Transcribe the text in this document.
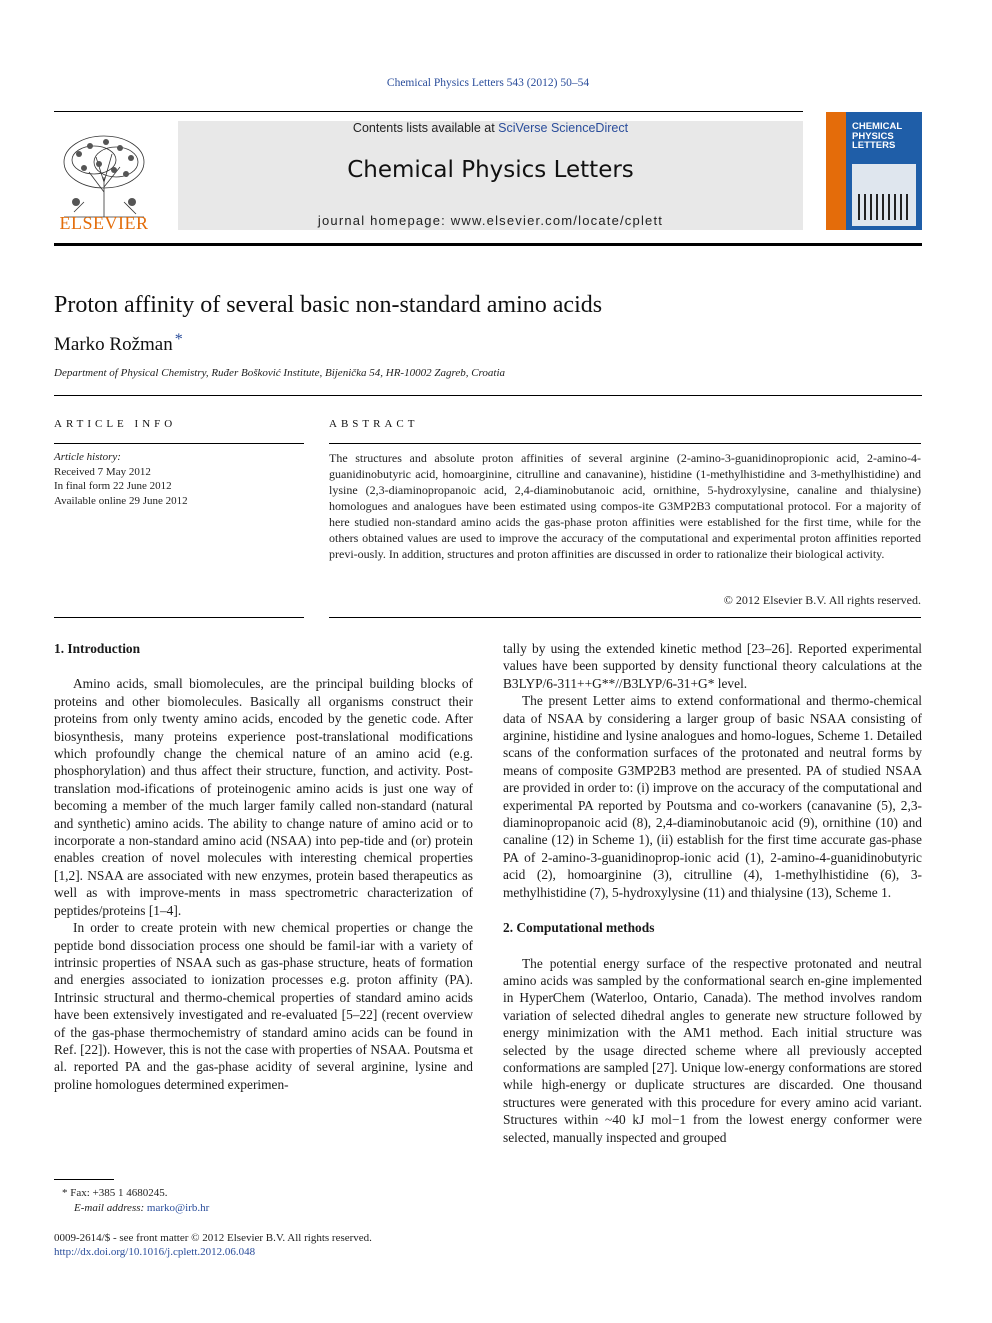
Chemical Physics Letters 543 (2012) 50–54
ELSEVIER
Contents lists available at SciVerse ScienceDirect
Chemical Physics Letters
journal homepage: www.elsevier.com/locate/cplett
CHEMICAL
PHYSICS
LETTERS
Proton affinity of several basic non-standard amino acids
Marko Rožman *
Department of Physical Chemistry, Ruđer Bošković Institute, Bijenička 54, HR-10002 Zagreb, Croatia
ARTICLE INFO
Article history:
Received 7 May 2012
In final form 22 June 2012
Available online 29 June 2012
ABSTRACT
The structures and absolute proton affinities of several arginine (2-amino-3-guanidinopropionic acid, 2-amino-4-guanidinobutyric acid, homoarginine, citrulline and canavanine), histidine (1-methylhistidine and 3-methylhistidine) and lysine (2,3-diaminopropanoic acid, 2,4-diaminobutanoic acid, ornithine, 5-hydroxylysine, canaline and thialysine) homologues and analogues have been estimated using compos-ite G3MP2B3 computational protocol. For a majority of here studied non-standard amino acids the gas-phase proton affinities were established for the first time, while for the others obtained values are used to improve the accuracy of the computational and experimental proton affinities reported previ-ously. In addition, structures and proton affinities are discussed in order to rationalize their biological activity.
© 2012 Elsevier B.V. All rights reserved.

1. Introduction

Amino acids, small biomolecules, are the principal building blocks of proteins and other biomolecules. Basically all organisms construct their proteins from only twenty amino acids, encoded by the genetic code. After biosynthesis, many proteins experience post-translational modifications which profoundly change the chemical nature of an amino acid (e.g. phosphorylation) and thus affect their structure, function, and activity. Post-translation mod-ifications of proteinogenic amino acids is just one way of becoming a member of the much larger family called non-standard (natural and synthetic) amino acids. The ability to change nature of amino acid or to incorporate a non-standard amino acid (NSAA) into pep-tide and (or) protein enables creation of novel molecules with interesting chemical properties [1,2]. NSAA are associated with new enzymes, protein based therapeutics as well as with improve-ments in mass spectrometric characterization of peptides/proteins [1–4].

In order to create protein with new chemical properties or change the peptide bond dissociation process one should be famil-iar with a variety of intrinsic properties of NSAA such as gas-phase structure, heats of formation and energies associated to ionization processes e.g. proton affinity (PA). Intrinsic structural and thermo-chemical properties of standard amino acids have been extensively investigated and re-evaluated [5–22] (recent overview of the gas-phase thermochemistry of standard amino acids can be found in Ref. [22]). However, this is not the case with properties of NSAA. Poutsma et al. reported PA and the gas-phase acidity of several arginine, lysine and proline homologues determined experimen-

tally by using the extended kinetic method [23–26]. Reported experimental values have been supported by density functional theory calculations at the B3LYP/6-311++G**//B3LYP/6-31+G* level.

The present Letter aims to extend conformational and thermo-chemical data of NSAA by considering a larger group of basic NSAA consisting of arginine, histidine and lysine analogues and homo-logues, Scheme 1. Detailed scans of the conformation surfaces of the protonated and neutral forms by means of composite G3MP2B3 method are presented. PA of studied NSAA are provided in order to: (i) improve on the accuracy of the computational and experimental PA reported by Poutsma and co-workers (canavanine (5), 2,3-diaminopropanoic acid (8), 2,4-diaminobutanoic acid (9), ornithine (10) and canaline (12) in Scheme 1), (ii) establish for the first time accurate gas-phase PA of 2-amino-3-guanidinoprop-ionic acid (1), 2-amino-4-guanidinobutyric acid (2), homoarginine (3), citrulline (4), 1-methylhistidine (6), 3-methylhistidine (7), 5-hydroxylysine (11) and thialysine (13), Scheme 1.

2. Computational methods

The potential energy surface of the respective protonated and neutral amino acids was sampled by the conformational search en-gine implemented in HyperChem (Waterloo, Ontario, Canada). The method involves random variation of selected dihedral angles to generate new structure followed by energy minimization with the AM1 method. Each initial structure was selected by the usage directed scheme where all previously accepted conformations are sampled [27]. Unique low-energy conformations are stored while high-energy or duplicate structures are discarded. One thousand structures were generated with this procedure for every amino acid variant. Structures within ~40 kJ mol−1 from the lowest energy conformer were selected, manually inspected and grouped

* Fax: +385 1 4680245.
E-mail address: marko@irb.hr
0009-2614/$ - see front matter © 2012 Elsevier B.V. All rights reserved.
http://dx.doi.org/10.1016/j.cplett.2012.06.048
